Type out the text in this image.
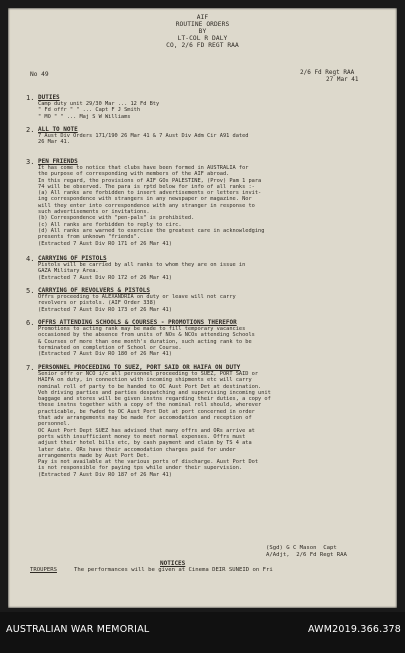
AIF
ROUTINE ORDERS
BY
LT-COL R DALY
CO, 2/6 FD REGT RAA
No 49	2/6 Fd Regt RAA
27 Mar 41
1. DUTIES
Camp duty unit 29/30 Mar ... 12 Fd Bty
" Fd offr " " ... Capt F J Smith
" MO " " ... Maj S W Williams
2. ALL TO NOTE
7 Aust Div Orders 171/190 26 Mar 41 & 7 Aust Div Adm Cir A91 dated
26 Mar 41.
3. PEN FRIENDS
It has come to notice that clubs have been formed in AUSTRALIA for
the purpose of corresponding with members of the AIF abroad.
In this regard, the provisions of AIF GOs PALESTINE, (Prov) Pam 1 para
74 will be observed. The para is rptd below for info of all ranks :-
(a) All ranks are forbidden to insert advertisements or letters invit-
ing correspondence with strangers in any newspaper or magazine. Nor
will they enter into correspondence with any stranger in response to
such advertisements or invitations.
(b) Correspondence with "pen-pals" is prohibited.
(c) All ranks are forbidden to reply to circ.
(d) All ranks are warned to exercise the greatest care in acknowledging
presents from unknown "friends".
(Extracted 7 Aust Div RO 171 of 26 Mar 41)
4. CARRYING OF PISTOLS
Pistols will be carried by all ranks to whom they are on issue in
GAZA Military Area.
(Extracted 7 Aust Div RO 172 of 26 Mar 41)
5. CARRYING OF REVOLVERS & PISTOLS
Offrs proceeding to ALEXANDRIA on duty or leave will not carry
revolvers or pistols. (AIF Order 338)
(Extracted 7 Aust Div RO 173 of 26 Mar 41)
6. OFFRS ATTENDING SCHOOLS & COURSES - PROMOTIONS THEREFOR
Promotions to acting rank may be made to fill temporary vacancies
occasioned by the absence from units of NOs & NCOs attending Schools
& Courses of more than one month's duration, such acting rank to be
terminated on completion of School or Course.
(Extracted 7 Aust Div RO 180 of 26 Mar 41)
7. PERSONNEL PROCEEDING TO SUEZ, PORT SAID OR HAIFA ON DUTY
Senior offr or NCO i/c all personnel proceeding to SUEZ, PORT SAID or
HAIFA on duty, in connection with incoming shipments etc will carry
nominal roll of party to be handed to OC Aust Port Det at destination.
Veh driving parties and parties despatching and supervising incoming unit
baggage and stores will be given instns regarding their duties, a copy of
these instns together with a copy of the nominal roll should, wherever
practicable, be fwded to OC Aust Port Dot at port concerned in order
that adv arrangements may be made for accomodation and reception of
personnel.
OC Aust Port Dept SUEZ has advised that many offrs and ORs arrive at
ports with insufficient money to meet normal expenses. Offrs must
adjust their hotel bills etc, by cash payment and claim by TS 4 ata
later date. ORs have their accomodation charges paid for under
arrangements made by Aust Port Det.
Pay is not available at the various ports of discharge. Aust Port Dot
is not responsible for paying tps while under their supervision.
(Extracted 7 Aust Div RO 187 of 26 Mar 41)
(Sgd) G C Mason  Capt
A/Adjt,  2/6 Fd Regt RAA
NOTICES
TROUPERS	The performances will be given at Cinema DEIR SUNEID on Fri
AUSTRALIAN WAR MEMORIAL	AWM2019.366.378
